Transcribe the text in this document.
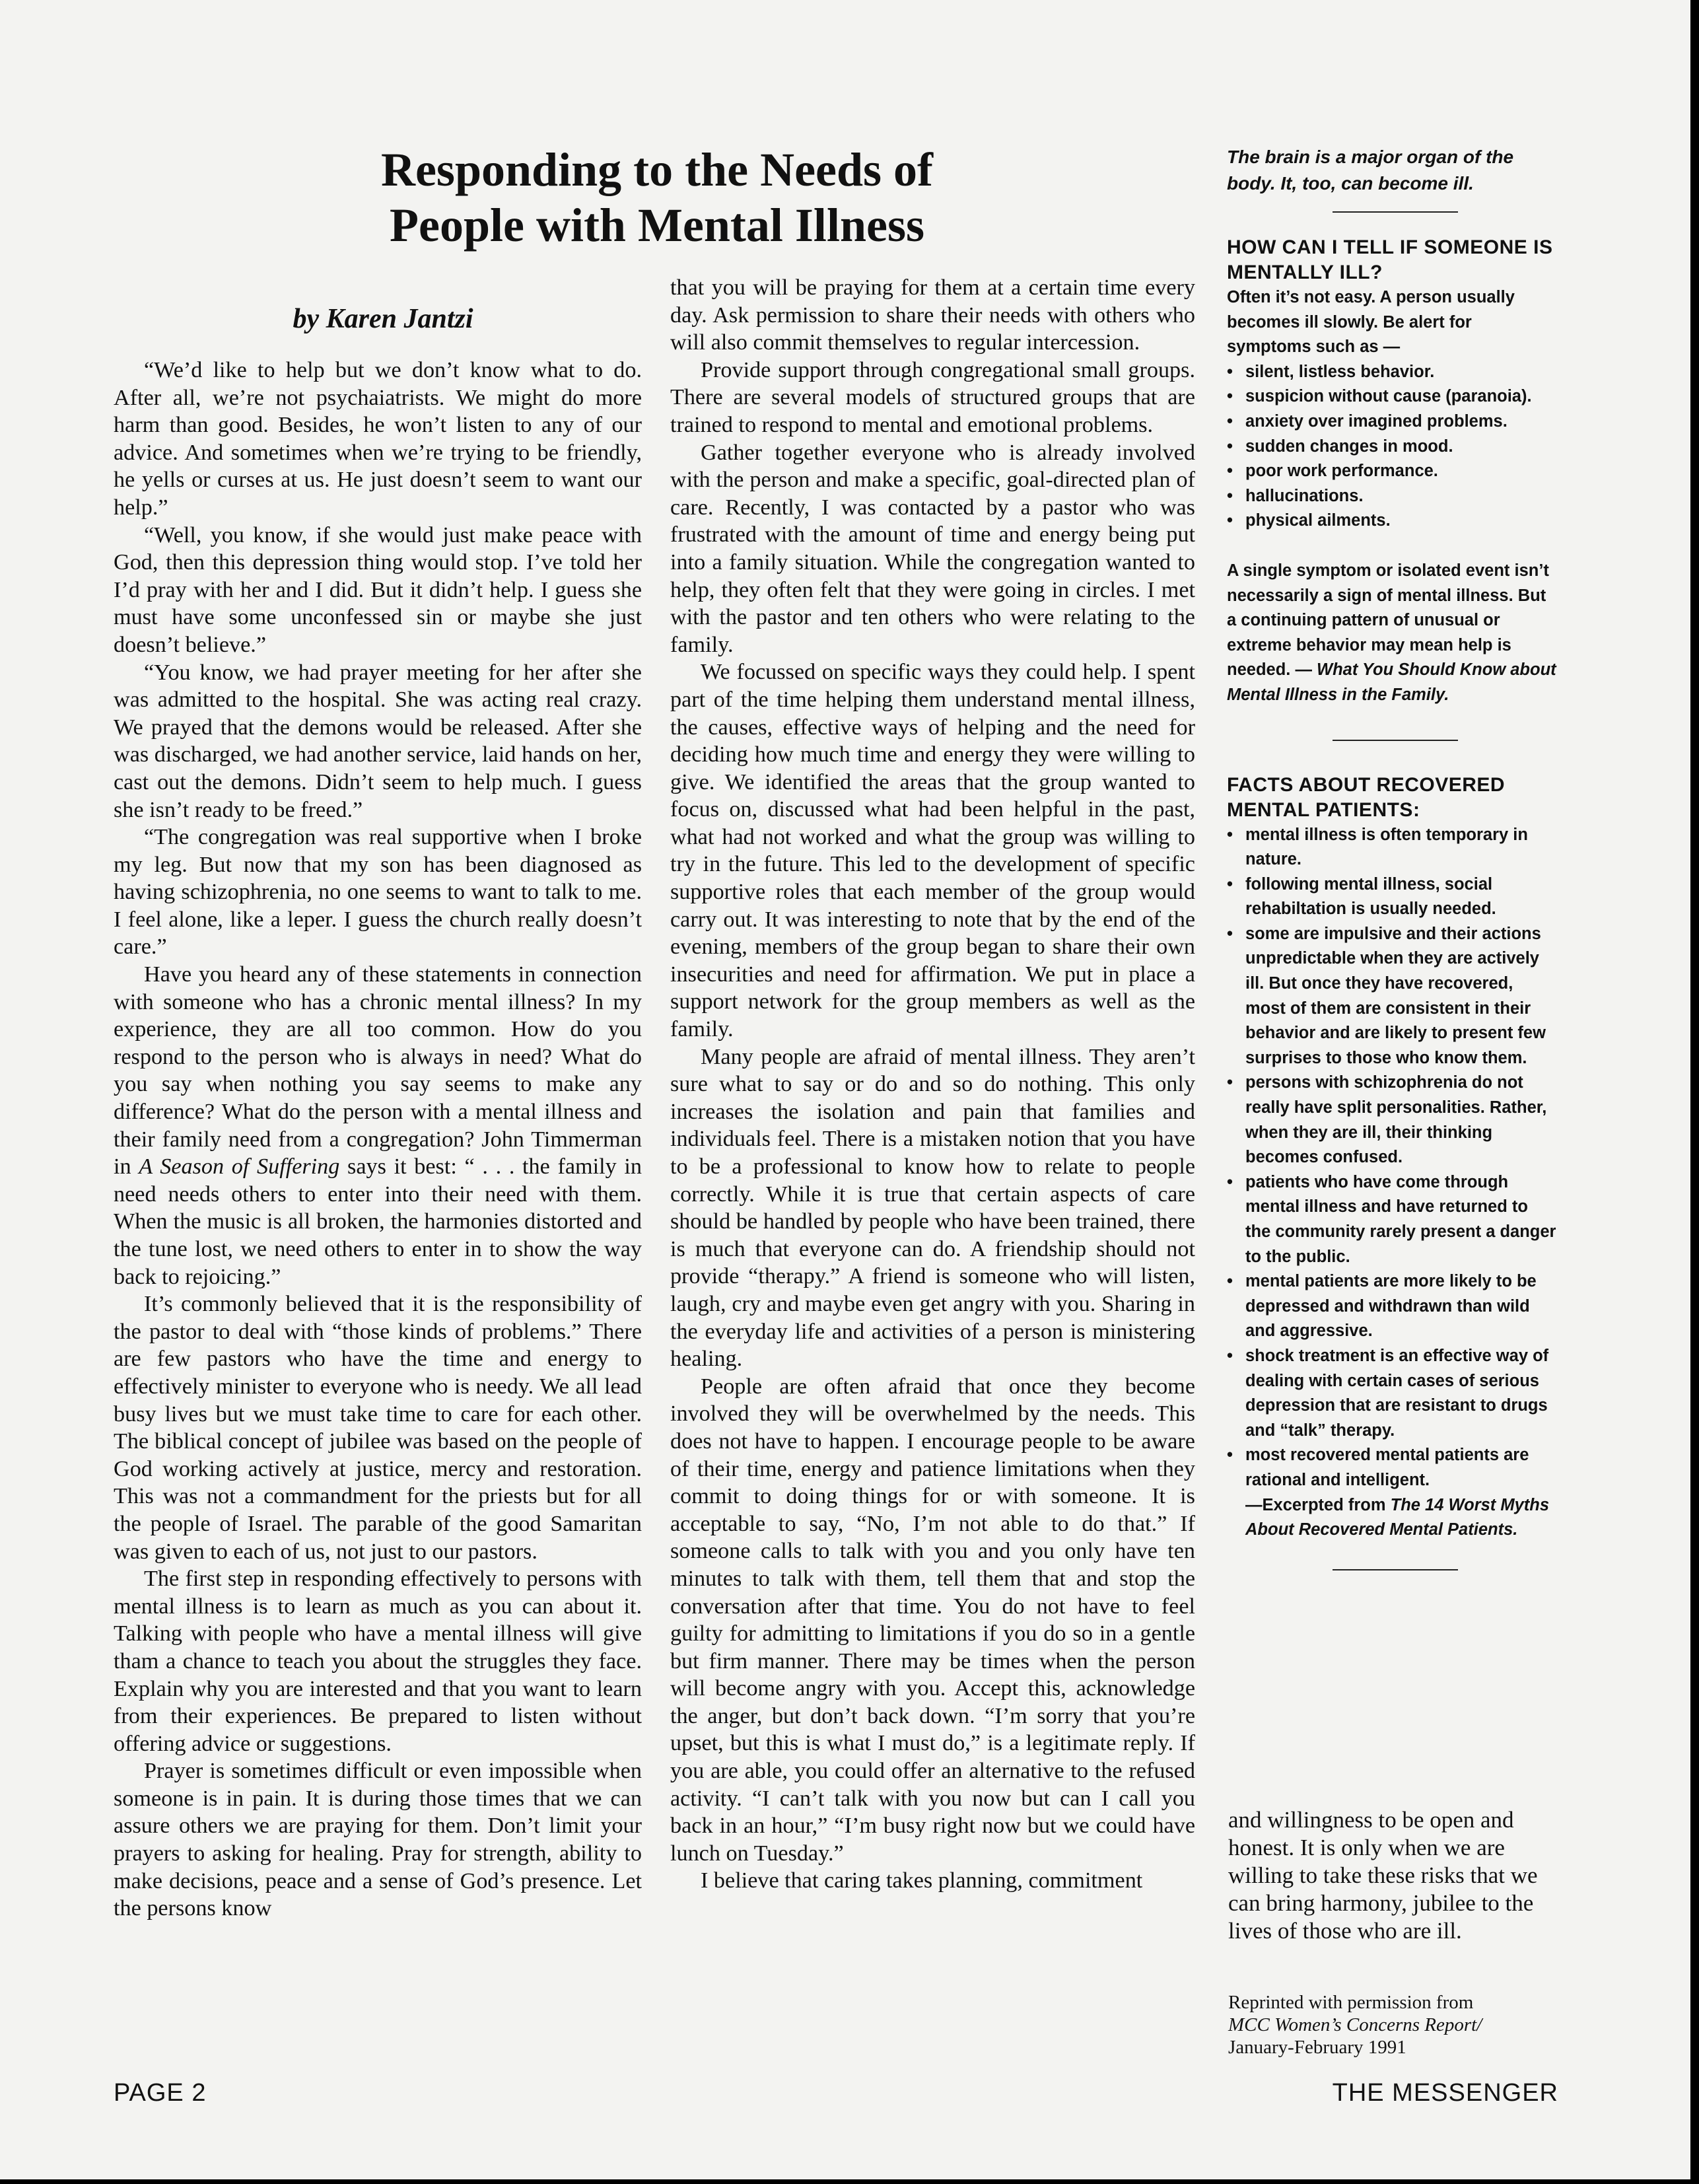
Responding to the Needs of
People with Mental Illness
by Karen Jantzi

“We’d like to help but we don’t know what to do. After all, we’re not psychaiatrists. We might do more harm than good. Besides, he won’t listen to any of our advice. And sometimes when we’re trying to be friendly, he yells or curses at us. He just doesn’t seem to want our help.”

“Well, you know, if she would just make peace with God, then this depression thing would stop. I’ve told her I’d pray with her and I did. But it didn’t help. I guess she must have some unconfessed sin or maybe she just doesn’t believe.”

“You know, we had prayer meeting for her after she was admitted to the hospital. She was acting real crazy. We prayed that the demons would be released. After she was discharged, we had another service, laid hands on her, cast out the demons. Didn’t seem to help much. I guess she isn’t ready to be freed.”

“The congregation was real supportive when I broke my leg. But now that my son has been diagnosed as having schizophrenia, no one seems to want to talk to me. I feel alone, like a leper. I guess the church really doesn’t care.”

Have you heard any of these statements in connection with someone who has a chronic mental illness? In my experience, they are all too common. How do you respond to the person who is always in need? What do you say when nothing you say seems to make any difference? What do the person with a mental illness and their family need from a congregation? John Timmerman in A Season of Suffering says it best: “ . . . the family in need needs others to enter into their need with them. When the music is all broken, the harmonies distorted and the tune lost, we need others to enter in to show the way back to rejoicing.”

It’s commonly believed that it is the responsibility of the pastor to deal with “those kinds of problems.” There are few pastors who have the time and energy to effectively minister to everyone who is needy. We all lead busy lives but we must take time to care for each other. The biblical concept of jubilee was based on the people of God working actively at justice, mercy and restoration. This was not a commandment for the priests but for all the people of Israel. The parable of the good Samaritan was given to each of us, not just to our pastors.

The first step in responding effectively to persons with mental illness is to learn as much as you can about it. Talking with people who have a mental illness will give tham a chance to teach you about the struggles they face. Explain why you are interested and that you want to learn from their experiences. Be prepared to listen without offering advice or suggestions.

Prayer is sometimes difficult or even impossible when someone is in pain. It is during those times that we can assure others we are praying for them. Don’t limit your prayers to asking for healing. Pray for strength, ability to make decisions, peace and a sense of God’s presence. Let the persons know

that you will be praying for them at a certain time every day. Ask permission to share their needs with others who will also commit themselves to regular intercession.

Provide support through congregational small groups. There are several models of structured groups that are trained to respond to mental and emotional problems.

Gather together everyone who is already involved with the person and make a specific, goal-directed plan of care. Recently, I was contacted by a pastor who was frustrated with the amount of time and energy being put into a family situation. While the congregation wanted to help, they often felt that they were going in circles. I met with the pastor and ten others who were relating to the family.

We focussed on specific ways they could help. I spent part of the time helping them understand mental illness, the causes, effective ways of helping and the need for deciding how much time and energy they were willing to give. We identified the areas that the group wanted to focus on, discussed what had been helpful in the past, what had not worked and what the group was willing to try in the future. This led to the development of specific supportive roles that each member of the group would carry out. It was interesting to note that by the end of the evening, members of the group began to share their own insecurities and need for affirmation. We put in place a support network for the group members as well as the family.

Many people are afraid of mental illness. They aren’t sure what to say or do and so do nothing. This only increases the isolation and pain that families and individuals feel. There is a mistaken notion that you have to be a professional to know how to relate to people correctly. While it is true that certain aspects of care should be handled by people who have been trained, there is much that everyone can do. A friendship should not provide “therapy.” A friend is someone who will listen, laugh, cry and maybe even get angry with you. Sharing in the everyday life and activities of a person is ministering healing.

People are often afraid that once they become involved they will be overwhelmed by the needs. This does not have to happen. I encourage people to be aware of their time, energy and patience limitations when they commit to doing things for or with someone. It is acceptable to say, “No, I’m not able to do that.” If someone calls to talk with you and you only have ten minutes to talk with them, tell them that and stop the conversation after that time. You do not have to feel guilty for admitting to limitations if you do so in a gentle but firm manner. There may be times when the person will become angry with you. Accept this, acknowledge the anger, but don’t back down. “I’m sorry that you’re upset, but this is what I must do,” is a legitimate reply. If you are able, you could offer an alternative to the refused activity. “I can’t talk with you now but can I call you back in an hour,” “I’m busy right now but we could have lunch on Tuesday.”

I believe that caring takes planning, commitment

The brain is a major organ of the body. It, too, can become ill.
HOW CAN I TELL IF SOMEONE IS MENTALLY ILL?
Often it’s not easy. A person usually becomes ill slowly. Be alert for symptoms such as —
• silent, listless behavior.
• suspicion without cause (paranoia).
• anxiety over imagined problems.
• sudden changes in mood.
• poor work performance.
• hallucinations.
• physical ailments.
A single symptom or isolated event isn’t necessarily a sign of mental illness. But a continuing pattern of unusual or extreme behavior may mean help is needed. — What You Should Know about Mental Illness in the Family.
FACTS ABOUT RECOVERED MENTAL PATIENTS:
• mental illness is often temporary in nature.
• following mental illness, social rehabiltation is usually needed.
• some are impulsive and their actions unpredictable when they are actively ill. But once they have recovered, most of them are consistent in their behavior and are likely to present few surprises to those who know them.
• persons with schizophrenia do not really have split personalities. Rather, when they are ill, their thinking becomes confused.
• patients who have come through mental illness and have returned to the community rarely present a danger to the public.
• mental patients are more likely to be depressed and withdrawn than wild and aggressive.
• shock treatment is an effective way of dealing with certain cases of serious depression that are resistant to drugs and “talk” therapy.
• most recovered mental patients are rational and intelligent.
—Excerpted from The 14 Worst Myths About Recovered Mental Patients.

and willingness to be open and honest. It is only when we are willing to take these risks that we can bring harmony, jubilee to the lives of those who are ill.

Reprinted with permission from
MCC Women’s Concerns Report/
January-February 1991
PAGE 2	THE MESSENGER
